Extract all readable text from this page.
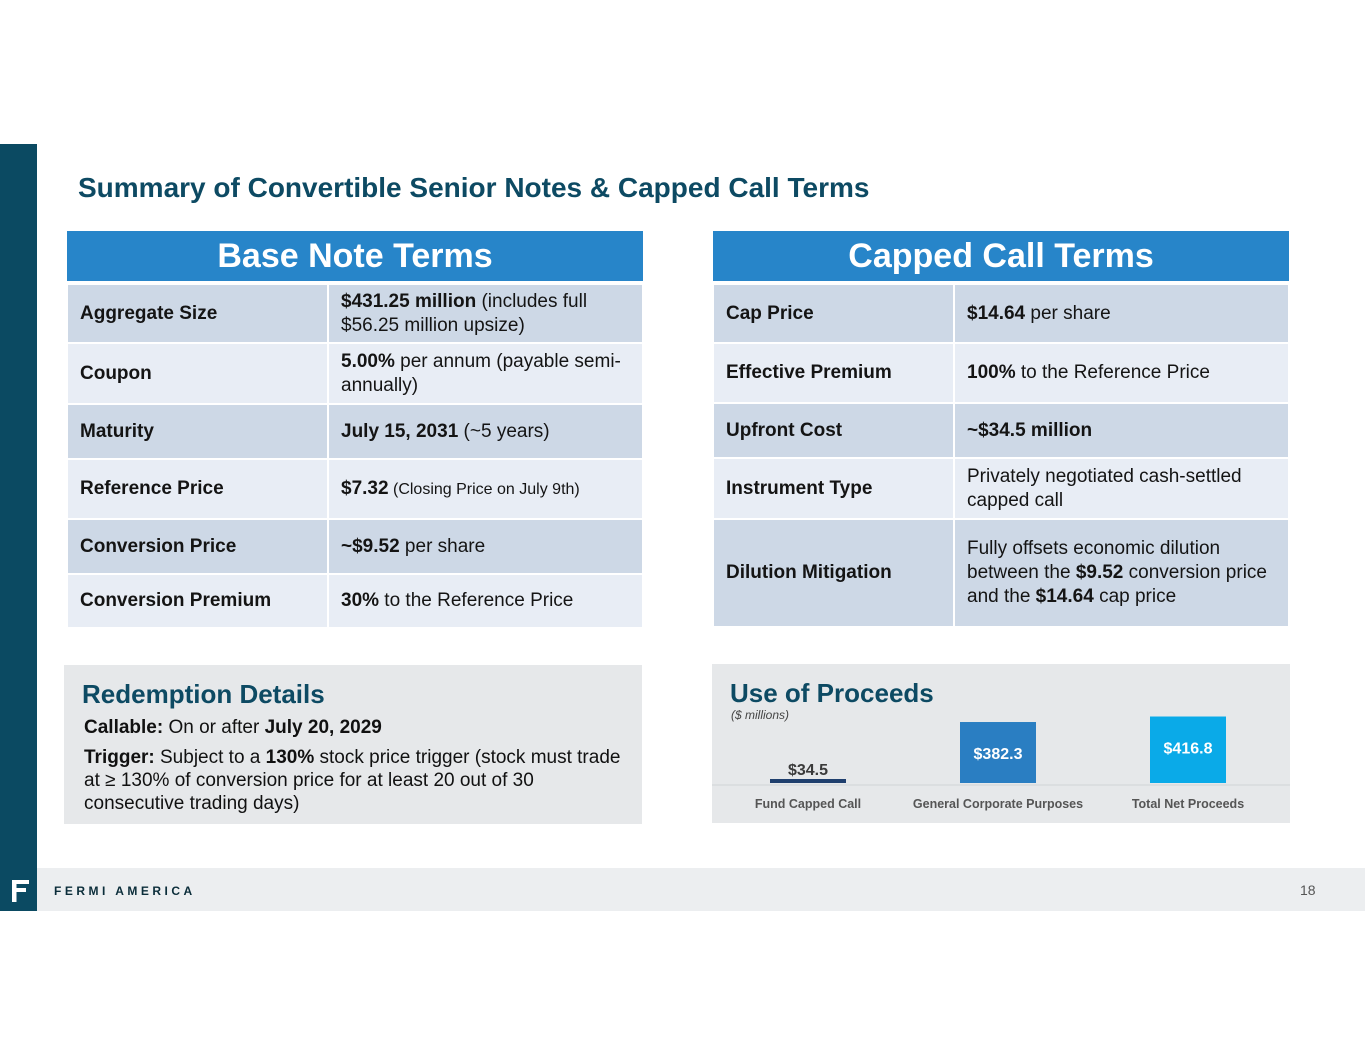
Summary of Convertible Senior Notes & Capped Call Terms
Base Note Terms	
Aggregate Size	$431.25 million (includes full $56.25 million upsize)
Coupon	5.00% per annum (payable semi-annually)
Maturity	July 15, 2031 (~5 years)
Reference Price	$7.32 (Closing Price on July 9th)
Conversion Price	~$9.52 per share
Conversion Premium	30% to the Reference Price
Capped Call Terms	
Cap Price	$14.64 per share
Effective Premium	100% to the Reference Price
Upfront Cost	~$34.5 million
Instrument Type	Privately negotiated cash-settled capped call
Dilution Mitigation	Fully offsets economic dilution between the $9.52 conversion price and the $14.64 cap price
Redemption Details
Callable: On or after July 20, 2029
Trigger: Subject to a 130% stock price trigger (stock must trade at ≥ 130% of conversion price for at least 20 out of 30 consecutive trading days)
$34.5
Fund Capped Call
$382.3
General Corporate Purposes
$416.8
Total Net Proceeds
Use of Proceeds
($ millions)
FERMI AMERICA	18
